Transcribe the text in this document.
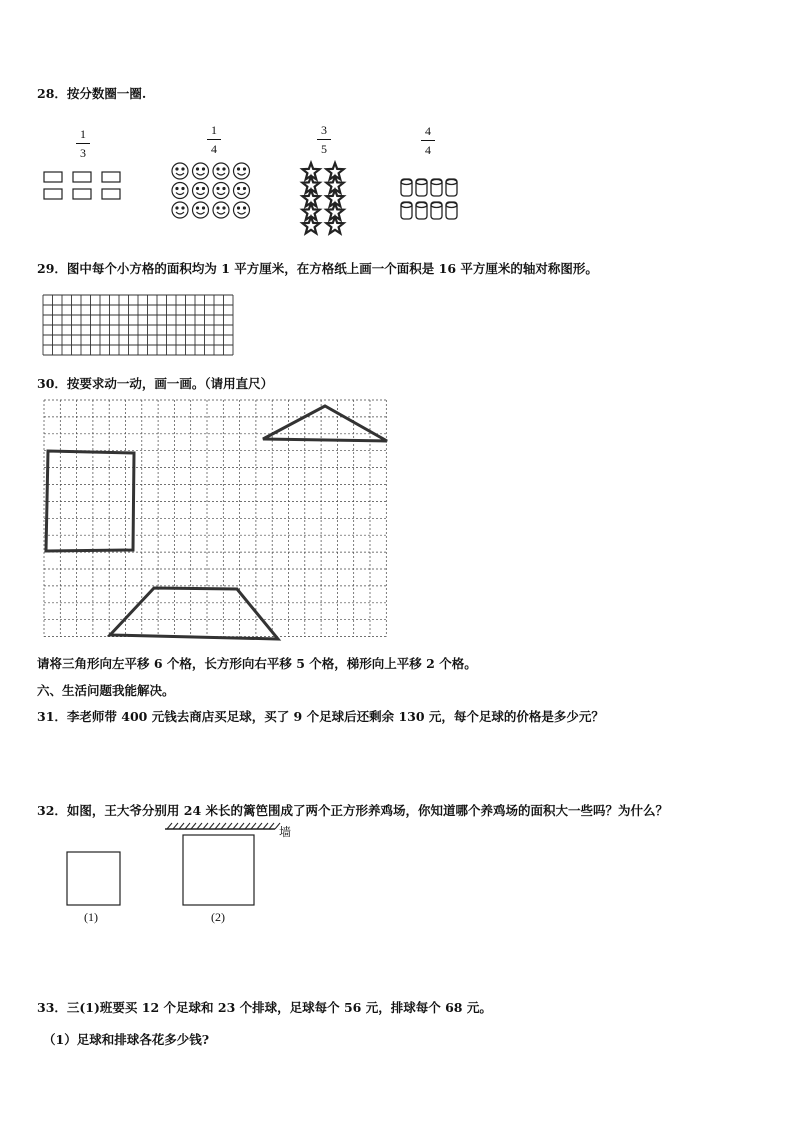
28．按分数圈一圈.
1
3
1
4
3
5
4
4
29．图中每个小方格的面积均为 1 平方厘米，在方格纸上画一个面积是 16 平方厘米的轴对称图形。
30．按要求动一动，画一画。（请用直尺）
请将三角形向左平移 6 个格，长方形向右平移 5 个格，梯形向上平移 2 个格。
六、生活问题我能解决。
31．李老师带 400 元钱去商店买足球，买了 9 个足球后还剩余 130 元，每个足球的价格是多少元？
32．如图，王大爷分别用 24 米长的篱笆围成了两个正方形养鸡场，你知道哪个养鸡场的面积大一些吗？为什么？
(1)	(2)
墙
33．三(1)班要买 12 个足球和 23 个排球，足球每个 56 元，排球每个 68 元。
（1）足球和排球各花多少钱?
